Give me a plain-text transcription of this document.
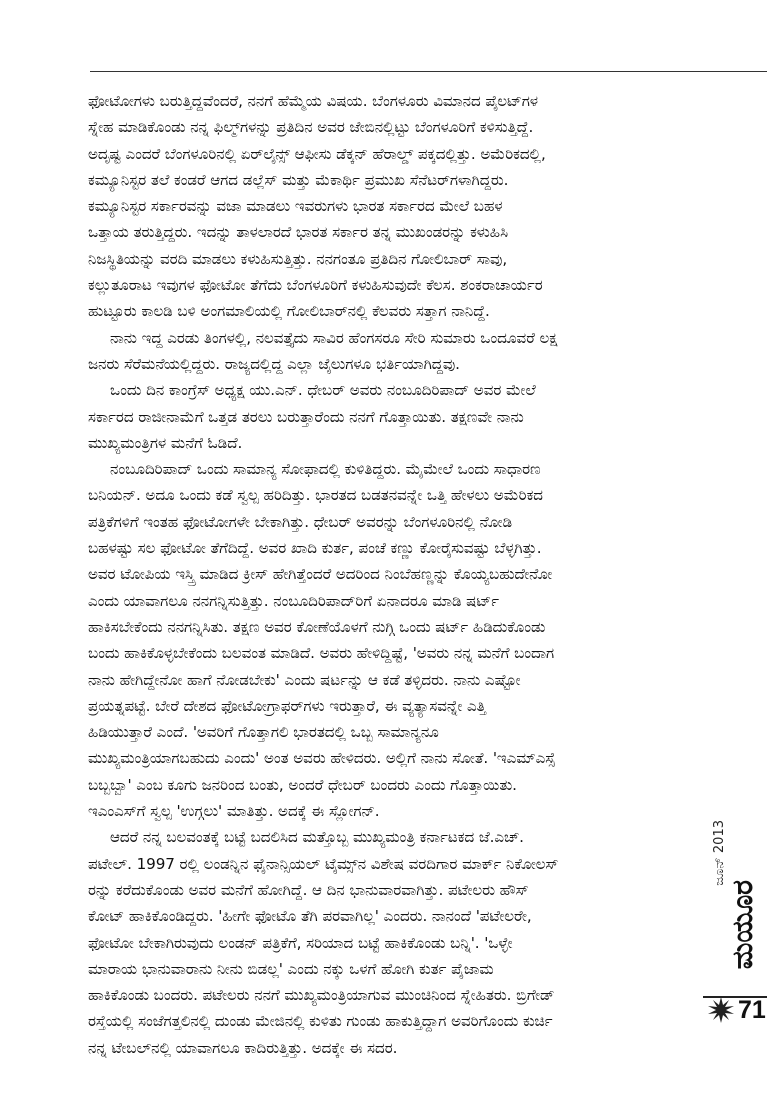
ಫೋಟೋಗಳು ಬರುತ್ತಿದ್ದವೆಂದರೆ, ನನಗೆ ಹೆಮ್ಮೆಯ ವಿಷಯ. ಬೆಂಗಳೂರು ವಿಮಾನದ ಪೈಲಟ್‌ಗಳ
ಸ್ನೇಹ ಮಾಡಿಕೊಂಡು ನನ್ನ ಫಿಲ್ಮ್‌ಗಳನ್ನು ಪ್ರತಿದಿನ ಅವರ ಜೇಬಿನಲ್ಲಿಟ್ಟು ಬೆಂಗಳೂರಿಗೆ ಕಳಿಸುತ್ತಿದ್ದೆ.
ಅದೃಷ್ಟ ಎಂದರೆ ಬೆಂಗಳೂರಿನಲ್ಲಿ ಏರ್‌ಲೈನ್ಸ್ ಆಫೀಸು ಡೆಕ್ಕನ್ ಹೆರಾಲ್ಡ್ ಪಕ್ಕದಲ್ಲಿತ್ತು. ಅಮೆರಿಕದಲ್ಲಿ,
ಕಮ್ಯೂನಿಸ್ಟರ ತಲೆ ಕಂಡರೆ ಆಗದ ಡಲ್ಲೆಸ್ ಮತ್ತು ಮೆಕಾರ್ಥಿ ಪ್ರಮುಖ ಸೆನೆಟರ್‌ಗಳಾಗಿದ್ದರು.
ಕಮ್ಯೂನಿಸ್ಟರ ಸರ್ಕಾರವನ್ನು ವಜಾ ಮಾಡಲು ಇವರುಗಳು ಭಾರತ ಸರ್ಕಾರದ ಮೇಲೆ ಬಹಳ
ಒತ್ತಾಯ ತರುತ್ತಿದ್ದರು. ಇದನ್ನು ತಾಳಲಾರದೆ ಭಾರತ ಸರ್ಕಾರ ತನ್ನ ಮುಖಂಡರನ್ನು ಕಳುಹಿಸಿ
ನಿಜಸ್ಥಿತಿಯನ್ನು ವರದಿ ಮಾಡಲು ಕಳುಹಿಸುತ್ತಿತ್ತು. ನನಗಂತೂ ಪ್ರತಿದಿನ ಗೋಲಿಬಾರ್ ಸಾವು,
ಕಲ್ಲುತೂರಾಟ ಇವುಗಳ ಫೋಟೋ ತೆಗೆದು ಬೆಂಗಳೂರಿಗೆ ಕಳುಹಿಸುವುದೇ ಕೆಲಸ. ಶಂಕರಾಚಾರ್ಯರ
ಹುಟ್ಟೂರು ಕಾಲಡಿ ಬಳಿ ಅಂಗಮಾಲಿಯಲ್ಲಿ ಗೋಲಿಬಾರ್‌ನಲ್ಲಿ ಕೆಲವರು ಸತ್ತಾಗ ನಾನಿದ್ದೆ.
ನಾನು ಇದ್ದ ಎರಡು ತಿಂಗಳಲ್ಲಿ, ನಲವತ್ತೈದು ಸಾವಿರ ಹೆಂಗಸರೂ ಸೇರಿ ಸುಮಾರು ಒಂದೂವರೆ ಲಕ್ಷ
ಜನರು ಸೆರೆಮನೆಯಲ್ಲಿದ್ದರು. ರಾಜ್ಯದಲ್ಲಿದ್ದ ಎಲ್ಲಾ ಜೈಲುಗಳೂ ಭರ್ತಿಯಾಗಿದ್ದವು.
ಒಂದು ದಿನ ಕಾಂಗ್ರೆಸ್ ಅಧ್ಯಕ್ಷ ಯು.ಎನ್. ಧೇಬರ್ ಅವರು ನಂಬೂದಿರಿಪಾದ್ ಅವರ ಮೇಲೆ
ಸರ್ಕಾರದ ರಾಜೀನಾಮೆಗೆ ಒತ್ತಡ ತರಲು ಬರುತ್ತಾರೆಂದು ನನಗೆ ಗೊತ್ತಾಯಿತು. ತಕ್ಷಣವೇ ನಾನು
ಮುಖ್ಯಮಂತ್ರಿಗಳ ಮನೆಗೆ ಓಡಿದೆ.
ನಂಬೂದಿರಿಪಾದ್ ಒಂದು ಸಾಮಾನ್ಯ ಸೋಫಾದಲ್ಲಿ ಕುಳಿತಿದ್ದರು. ಮೈಮೇಲೆ ಒಂದು ಸಾಧಾರಣ
ಬನಿಯನ್. ಅದೂ ಒಂದು ಕಡೆ ಸ್ವಲ್ಪ ಹರಿದಿತ್ತು. ಭಾರತದ ಬಡತನವನ್ನೇ ಒತ್ತಿ ಹೇಳಲು ಅಮೆರಿಕದ
ಪತ್ರಿಕೆಗಳಿಗೆ ಇಂತಹ ಫೋಟೋಗಳೇ ಬೇಕಾಗಿತ್ತು. ಧೇಬರ್ ಅವರನ್ನು ಬೆಂಗಳೂರಿನಲ್ಲಿ ನೋಡಿ
ಬಹಳಷ್ಟು ಸಲ ಫೋಟೋ ತೆಗೆದಿದ್ದೆ. ಅವರ ಖಾದಿ ಕುರ್ತ, ಪಂಚೆ ಕಣ್ಣು ಕೋರೈಸುವಷ್ಟು ಬೆಳ್ಳಗಿತ್ತು.
ಅವರ ಟೋಪಿಯ ಇಸ್ತ್ರಿ ಮಾಡಿದ ಕ್ರೀಸ್ ಹೇಗಿತ್ತೆಂದರೆ ಅದರಿಂದ ನಿಂಬೆಹಣ್ಣನ್ನು ಕೊಯ್ಯಬಹುದೇನೋ
ಎಂದು ಯಾವಾಗಲೂ ನನಗನ್ನಿಸುತ್ತಿತ್ತು. ನಂಬೂದಿರಿಪಾದ್‌ರಿಗೆ ಏನಾದರೂ ಮಾಡಿ ಷರ್ಟ್
ಹಾಕಿಸಬೇಕೆಂದು ನನಗನ್ನಿಸಿತು. ತಕ್ಷಣ ಅವರ ಕೋಣೆಯೊಳಗೆ ನುಗ್ಗಿ ಒಂದು ಷರ್ಟ್ ಹಿಡಿದುಕೊಂಡು
ಬಂದು ಹಾಕಿಕೊಳ್ಳಬೇಕೆಂದು ಬಲವಂತ ಮಾಡಿದೆ. ಅವರು ಹೇಳಿದ್ದಿಷ್ಟೆ, 'ಅವರು ನನ್ನ ಮನೆಗೆ ಬಂದಾಗ
ನಾನು ಹೇಗಿದ್ದೇನೋ ಹಾಗೆ ನೋಡಬೇಕು' ಎಂದು ಷರ್ಟನ್ನು ಆ ಕಡೆ ತಳ್ಳಿದರು. ನಾನು ಎಷ್ಟೋ
ಪ್ರಯತ್ನಪಟ್ಟೆ. ಬೇರೆ ದೇಶದ ಫೋಟೋಗ್ರಾಫರ್‌ಗಳು ಇರುತ್ತಾರೆ, ಈ ವ್ಯತ್ಯಾಸವನ್ನೇ ಎತ್ತಿ
ಹಿಡಿಯುತ್ತಾರೆ ಎಂದೆ. 'ಅವರಿಗೆ ಗೊತ್ತಾಗಲಿ ಭಾರತದಲ್ಲಿ ಒಬ್ಬ ಸಾಮಾನ್ಯನೂ
ಮುಖ್ಯಮಂತ್ರಿಯಾಗಬಹುದು ಎಂದು' ಅಂತ ಅವರು ಹೇಳಿದರು. ಅಲ್ಲಿಗೆ ನಾನು ಸೋತೆ. 'ಇಎಮ್‌ಎಸ್ಸೆ
ಬಬ್ಬಬ್ಬಾ' ಎಂಬ ಕೂಗು ಜನರಿಂದ ಬಂತು, ಅಂದರೆ ಧೇಬರ್ ಬಂದರು ಎಂದು ಗೊತ್ತಾಯಿತು.
ಇಎಂಎಸ್‌ಗೆ ಸ್ವಲ್ಪ 'ಉಗ್ಗಲು' ಮಾತಿತ್ತು. ಅದಕ್ಕೆ ಈ ಸ್ಲೋಗನ್.
ಆದರೆ ನನ್ನ ಬಲವಂತಕ್ಕೆ ಬಟ್ಟೆ ಬದಲಿಸಿದ ಮತ್ತೊಬ್ಬ ಮುಖ್ಯಮಂತ್ರಿ ಕರ್ನಾಟಕದ ಜೆ.ಎಚ್.
ಪಟೇಲ್. 1997 ರಲ್ಲಿ ಲಂಡನ್ನಿನ ಫೈನಾನ್ಸಿಯಲ್ ಟೈಮ್ಸ್‌ನ ವಿಶೇಷ ವರದಿಗಾರ ಮಾರ್ಕ್ ನಿಕೋಲಸ್
ರನ್ನು ಕರೆದುಕೊಂಡು ಅವರ ಮನೆಗೆ ಹೋಗಿದ್ದೆ. ಆ ದಿನ ಭಾನುವಾರವಾಗಿತ್ತು. ಪಟೇಲರು ಹೌಸ್
ಕೋಟ್ ಹಾಕಿಕೊಂಡಿದ್ದರು. 'ಹೀಗೇ ಫೋಟೊ ತೆಗಿ ಪರವಾಗಿಲ್ಲ' ಎಂದರು. ನಾನಂದೆ 'ಪಟೇಲರೇ,
ಫೋಟೋ ಬೇಕಾಗಿರುವುದು ಲಂಡನ್ ಪತ್ರಿಕೆಗೆ, ಸರಿಯಾದ ಬಟ್ಟೆ ಹಾಕಿಕೊಂಡು ಬನ್ನಿ'. 'ಒಳ್ಳೇ
ಮಾರಾಯ ಭಾನುವಾರಾನು ನೀನು ಬಿಡಲ್ಲ' ಎಂದು ನಕ್ಕು ಒಳಗೆ ಹೋಗಿ ಕುರ್ತ ಪೈಜಾಮ
ಹಾಕಿಕೊಂಡು ಬಂದರು. ಪಟೇಲರು ನನಗೆ ಮುಖ್ಯಮಂತ್ರಿಯಾಗುವ ಮುಂಚಿನಿಂದ ಸ್ನೇಹಿತರು. ಬ್ರಿಗೇಡ್
ರಸ್ತೆಯಲ್ಲಿ ಸಂಜೆಗತ್ತಲಿನಲ್ಲಿ ದುಂಡು ಮೇಜಿನಲ್ಲಿ ಕುಳಿತು ಗುಂಡು ಹಾಕುತ್ತಿದ್ದಾಗ ಅವರಿಗೊಂದು ಕುರ್ಚಿ
ನನ್ನ ಟೇಬಲ್‌ನಲ್ಲಿ ಯಾವಾಗಲೂ ಕಾದಿರುತ್ತಿತ್ತು. ಅದಕ್ಕೇ ಈ ಸದರ.
ಜೂನ್ 2013
ಮಯೂರ
71
